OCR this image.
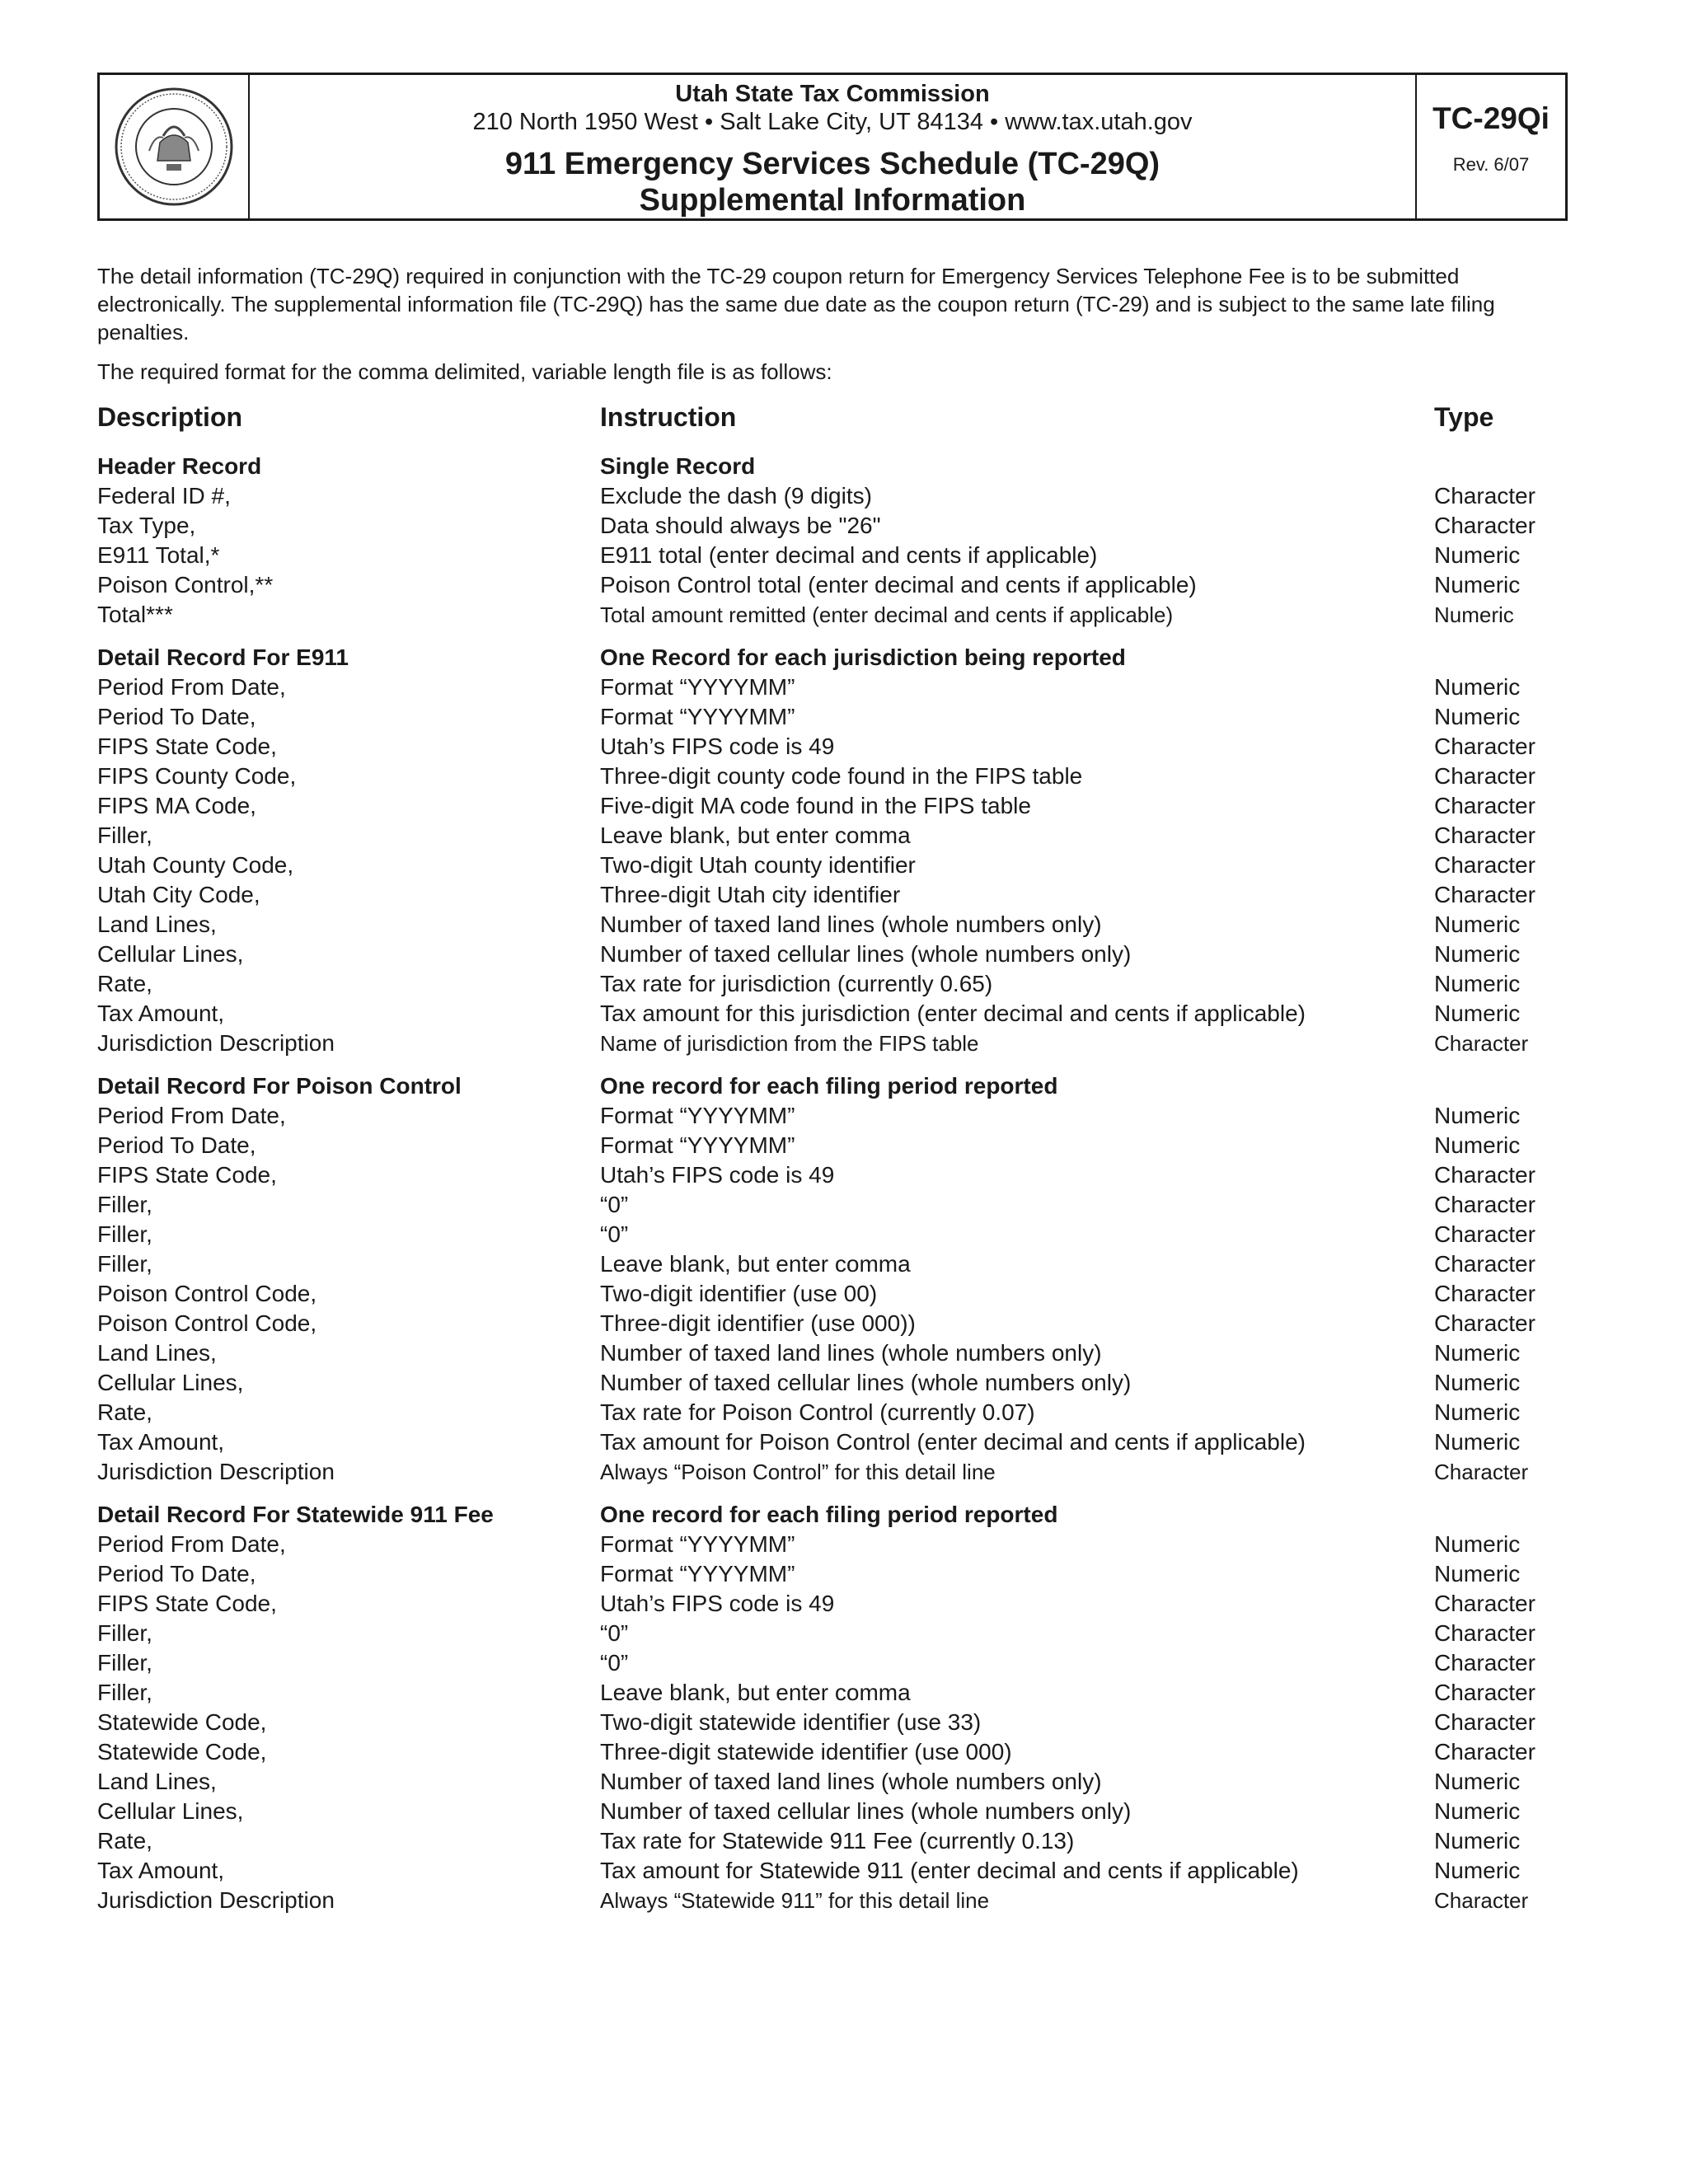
Utah State Tax Commission
210 North 1950 West • Salt Lake City, UT 84134 • www.tax.utah.gov
911 Emergency Services Schedule (TC-29Q)
Supplemental Information
TC-29Qi
Rev. 6/07

The detail information (TC-29Q) required in conjunction with the TC-29 coupon return for Emergency Services Telephone Fee is to be submitted electronically. The supplemental information file (TC-29Q) has the same due date as the coupon return (TC-29) and is subject to the same late filing penalties.

The required format for the comma delimited, variable length file is as follows:

Description	Instruction	Type
Header Record	Single Record
Federal ID #,	Exclude the dash (9 digits)	Character
Tax Type,	Data should always be "26"	Character
E911 Total,*	E911 total (enter decimal and cents if applicable)	Numeric
Poison Control,**	Poison Control total (enter decimal and cents if applicable)	Numeric
Total***	Total amount remitted (enter decimal and cents if applicable)	Numeric
Detail Record For E911	One Record for each jurisdiction being reported
Period From Date,	Format “YYYYMM”	Numeric
Period To Date,	Format “YYYYMM”	Numeric
FIPS State Code,	Utah’s FIPS code is 49	Character
FIPS County Code,	Three-digit county code found in the FIPS table	Character
FIPS MA Code,	Five-digit MA code found in the FIPS table	Character
Filler,	Leave blank, but enter comma	Character
Utah County Code,	Two-digit Utah county identifier	Character
Utah City Code,	Three-digit Utah city identifier	Character
Land Lines,	Number of taxed land lines (whole numbers only)	Numeric
Cellular Lines,	Number of taxed cellular lines (whole numbers only)	Numeric
Rate,	Tax rate for jurisdiction (currently 0.65)	Numeric
Tax Amount,	Tax amount for this jurisdiction (enter decimal and cents if applicable)	Numeric
Jurisdiction Description	Name of jurisdiction from the FIPS table	Character
Detail Record For Poison Control	One record for each filing period reported
Period From Date,	Format “YYYYMM”	Numeric
Period To Date,	Format “YYYYMM”	Numeric
FIPS State Code,	Utah’s FIPS code is 49	Character
Filler,	“0”	Character
Filler,	“0”	Character
Filler,	Leave blank, but enter comma	Character
Poison Control Code,	Two-digit identifier (use 00)	Character
Poison Control Code,	Three-digit identifier (use 000))	Character
Land Lines,	Number of taxed land lines (whole numbers only)	Numeric
Cellular Lines,	Number of taxed cellular lines (whole numbers only)	Numeric
Rate,	Tax rate for Poison Control (currently 0.07)	Numeric
Tax Amount,	Tax amount for Poison Control (enter decimal and cents if applicable)	Numeric
Jurisdiction Description	Always “Poison Control” for this detail line	Character
Detail Record For Statewide 911 Fee	One record for each filing period reported
Period From Date,	Format “YYYYMM”	Numeric
Period To Date,	Format “YYYYMM”	Numeric
FIPS State Code,	Utah’s FIPS code is 49	Character
Filler,	“0”	Character
Filler,	“0”	Character
Filler,	Leave blank, but enter comma	Character
Statewide Code,	Two-digit statewide identifier (use 33)	Character
Statewide Code,	Three-digit statewide identifier (use 000)	Character
Land Lines,	Number of taxed land lines (whole numbers only)	Numeric
Cellular Lines,	Number of taxed cellular lines (whole numbers only)	Numeric
Rate,	Tax rate for Statewide 911 Fee (currently 0.13)	Numeric
Tax Amount,	Tax amount for Statewide 911 (enter decimal and cents if applicable)	Numeric
Jurisdiction Description	Always “Statewide 911” for this detail line	Character
